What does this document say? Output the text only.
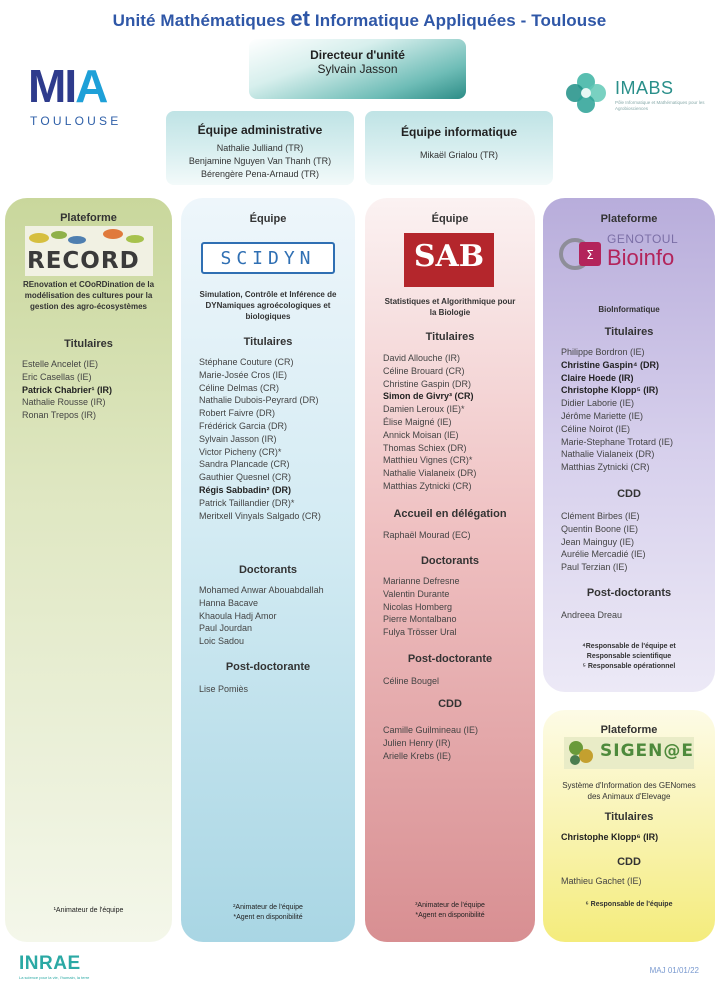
Unité Mathématiques et Informatique Appliquées - Toulouse
MIA
TOULOUSE
IMABS
Pôle Informatique et Mathématiques pour les Agrobiosciences
Directeur d'unité
Sylvain Jasson
Équipe administrative
Nathalie Julliand (TR)
Benjamine Nguyen Van Thanh (TR)
Bérengère Pena-Arnaud (TR)
Équipe informatique
Mikaël Grialou (TR)
Plateforme
RECORD
REnovation et COoRDination de la modélisation des cultures pour la gestion des agro-écosystèmes
Titulaires
Estelle Ancelet (IE)
Eric Casellas (IE)
Patrick Chabrier¹ (IR)
Nathalie Rousse (IR)
Ronan Trepos (IR)
¹Animateur de l'équipe
Équipe
SCIDYN
Simulation, Contrôle et Inférence de DYNamiques agroécologiques et biologiques
Titulaires
Stéphane Couture (CR)
Marie-Josée Cros (IE)
Céline Delmas (CR)
Nathalie Dubois-Peyrard (DR)
Robert Faivre (DR)
Frédérick Garcia (DR)
Sylvain Jasson (IR)
Victor Picheny (CR)*
Sandra Plancade (CR)
Gauthier Quesnel (CR)
Régis Sabbadin² (DR)
Patrick Taillandier (DR)*
Meritxell Vinyals Salgado (CR)
Doctorants
Mohamed Anwar Abouabdallah
Hanna Bacave
Khaoula Hadj Amor
Paul Jourdan
Loic Sadou
Post-doctorante
Lise Pomiès
²Animateur de l'équipe
*Agent en disponibilité
Équipe
SAB
Statistiques et Algorithmique pour la Biologie
Titulaires
David Allouche (IR)
Céline Brouard (CR)
Christine Gaspin (DR)
Simon de Givry³ (CR)
Damien Leroux (IE)*
Élise Maigné (IE)
Annick Moisan (IE)
Thomas Schiex (DR)
Matthieu Vignes (CR)*
Nathalie Vialaneix (DR)
Matthias Zytnicki (CR)
Accueil en délégation
Raphaël Mourad (EC)
Doctorants
Marianne Defresne
Valentin Durante
Nicolas Homberg
Pierre Montalbano
Fulya Trösser Ural
Post-doctorante
Céline Bougel
CDD
Camille Guilmineau (IE)
Julien Henry (IR)
Arielle Krebs (IE)
³Animateur de l'équipe
*Agent en disponibilité
Plateforme
Σ
GENOTOUL
Bioinfo
BioInformatique
Titulaires
Philippe Bordron (IE)
Christine Gaspin⁴ (DR)
Claire Hoede (IR)
Christophe Klopp⁵ (IR)
Didier Laborie (IE)
Jérôme Mariette (IE)
Céline Noirot (IE)
Marie-Stephane Trotard (IE)
Nathalie Vialaneix (DR)
Matthias Zytnicki (CR)
CDD
Clément Birbes (IE)
Quentin Boone (IE)
Jean Mainguy (IE)
Aurélie Mercadié (IE)
Paul Terzian (IE)
Post-doctorants
Andreea Dreau
⁴Responsable de l'équipe et Responsable scientifique
⁵ Responsable opérationnel
Plateforme
SIGEN@E
Système d'Information des GENomes des Animaux d'Elevage
Titulaires
Christophe Klopp⁶ (IR)
CDD
Mathieu Gachet (IE)
⁶ Responsable de l'équipe
INRAE
La science pour la vie, l'humain, la terre
MAJ 01/01/22
